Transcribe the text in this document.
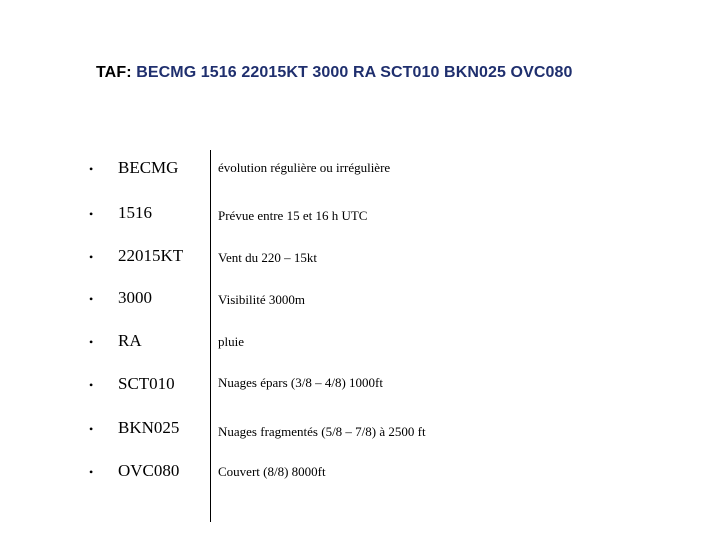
TAF: BECMG 1516 22015KT 3000 RA SCT010 BKN025 OVC080
• BECMG	évolution régulière ou irrégulière
• 1516	Prévue entre 15 et 16 h UTC
• 22015KT	Vent du 220 – 15kt
• 3000	Visibilité 3000m
• RA	pluie
• SCT010	Nuages épars (3/8 – 4/8) 1000ft
• BKN025	Nuages fragmentés (5/8 – 7/8) à 2500 ft
• OVC080	Couvert (8/8) 8000ft
